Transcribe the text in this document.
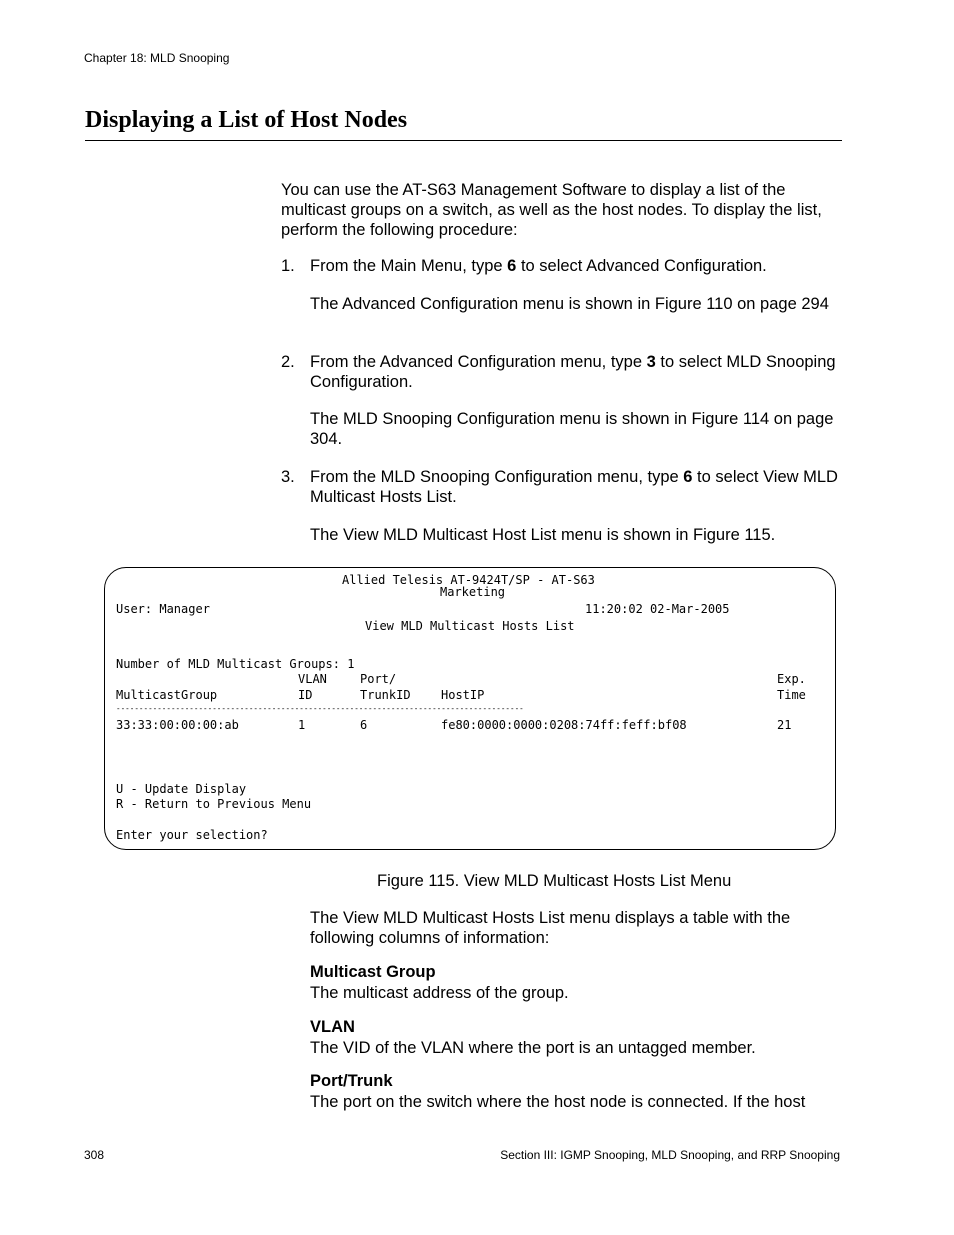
Chapter 18: MLD Snooping
Displaying a List of Host Nodes

You can use the AT-S63 Management Software to display a list of the multicast groups on a switch, as well as the host nodes. To display the list, perform the following procedure:

1. From the Main Menu, type 6 to select Advanced Configuration.
The Advanced Configuration menu is shown in Figure 110 on page 294
2. From the Advanced Configuration menu, type 3 to select MLD Snooping Configuration.
The MLD Snooping Configuration menu is shown in Figure 114 on page 304.
3. From the MLD Snooping Configuration menu, type 6 to select View MLD Multicast Hosts List.
The View MLD Multicast Host List menu is shown in Figure 115.
Allied Telesis AT-9424T/SP - AT-S63
Marketing
User: Manager	11:20:02 02-Mar-2005
View MLD Multicast Hosts List
Number of MLD Multicast Groups: 1
VLAN	Port/	Exp.
MulticastGroup	ID	TrunkID	HostIP	Time
-----------------------------------------------------------------------------------------
33:33:00:00:00:ab	1	6	fe80:0000:0000:0208:74ff:feff:bf08	21
U - Update Display
R - Return to Previous Menu
Enter your selection?
Figure 115. View MLD Multicast Hosts List Menu
The View MLD Multicast Hosts List menu displays a table with the following columns of information:
Multicast Group
The multicast address of the group.
VLAN
The VID of the VLAN where the port is an untagged member.
Port/Trunk
The port on the switch where the host node is connected. If the host
308	Section III: IGMP Snooping, MLD Snooping, and RRP Snooping
